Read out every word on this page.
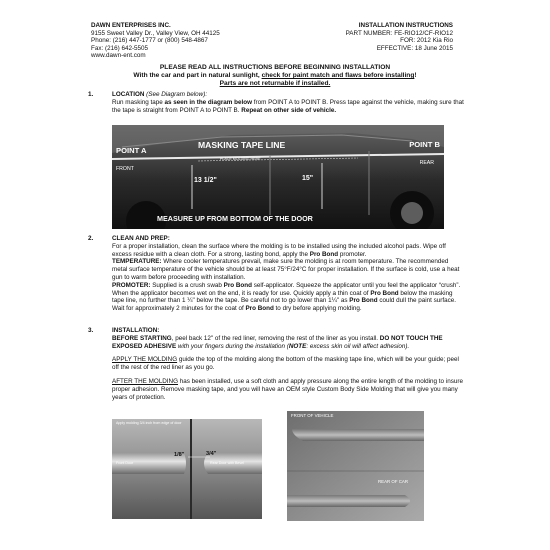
DAWN ENTERPRISES INC.
9155 Sweet Valley Dr., Valley View, OH 44125
Phone: (216) 447-1777 or (800) 548-4867
Fax: (216) 642-5505
www.dawn-ent.com
INSTALLATION INSTRUCTIONS
PART NUMBER: FE-RIO12/CF-RIO12
FOR: 2012 Kia Rio
EFFECTIVE: 18 June 2015
PLEASE READ ALL INSTRUCTIONS BEFORE BEGINNING INSTALLATION
With the car and part in natural sunlight, check for paint match and flaws before installing!
Parts are not returnable if installed.
1.	LOCATION (See Diagram below):
Run masking tape as seen in the diagram below from POINT A to POINT B. Press tape against the vehicle, making sure that the tape is straight from POINT A to POINT B. Repeat on other side of vehicle.
POINT A
POINT B
MASKING TAPE LINE
PLACE MOLDING HERE
FRONT
REAR
13 1/2"	15"
MEASURE UP FROM BOTTOM OF THE DOOR
2.	CLEAN AND PREP:
For a proper installation, clean the surface where the molding is to be installed using the included alcohol pads. Wipe off excess residue with a clean cloth. For a strong, lasting bond, apply the Pro Bond promoter.
TEMPERATURE: Where cooler temperatures prevail, make sure the molding is at room temperature. The recommended metal surface temperature of the vehicle should be at least 75°F/24°C for proper installation. If the surface is cold, use a heat gun to warm before proceeding with installation.
PROMOTER: Supplied is a crush swab Pro Bond self-applicator. Squeeze the applicator until you feel the applicator “crush”. When the applicator becomes wet on the end, it is ready for use. Quickly apply a thin coat of Pro Bond below the masking tape line, no further than 1 ¼" below the tape. Be careful not to go lower than 1¼" as Pro Bond could dull the paint surface. Wait for approximately 2 minutes for the coat of Pro Bond to dry before applying molding.
3.	INSTALLATION:
BEFORE STARTING, peel back 12" of the red liner, removing the rest of the liner as you install. DO NOT TOUCH THE EXPOSED ADHESIVE with your fingers during the installation (NOTE: excess skin oil will affect adhesion).
APPLY THE MOLDING guide the top of the molding along the bottom of the masking tape line, which will be your guide; peel off the rest of the red liner as you go.
AFTER THE MOLDING has been installed, use a soft cloth and apply pressure along the entire length of the molding to insure proper adhesion. Remove masking tape, and you will have an OEM style Custom Body Side Molding that will give you many years of protection.
Apply molding 3/4 inch from edge of door
1/8"	3/4"
Front Door	Rear Door with Bevel
FRONT OF VEHICLE
REAR OF CAR
